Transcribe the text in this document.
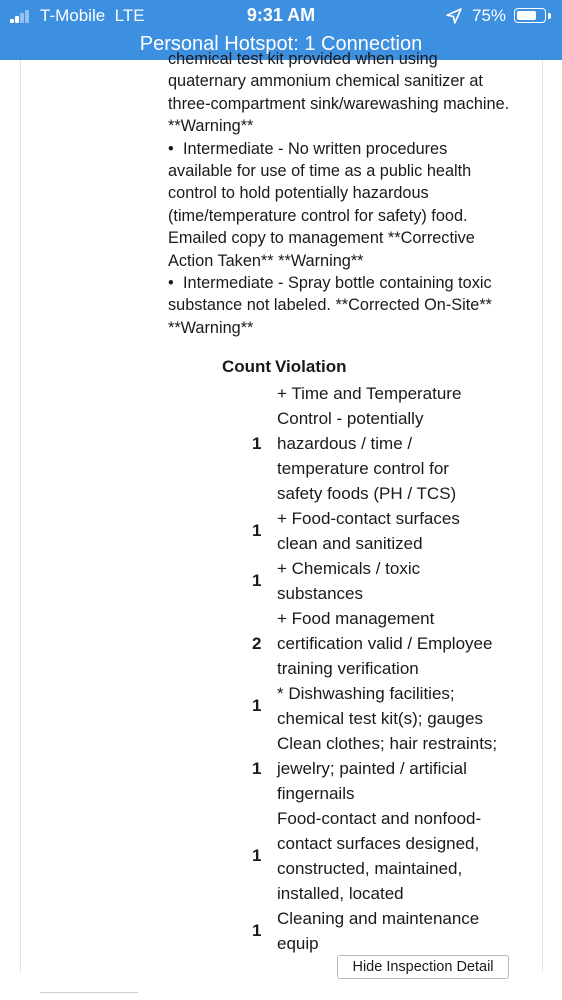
T-Mobile LTE	9:31 AM	75%
Personal Hotspot: 1 Connection

chemical test kit provided when using

quaternary ammonium chemical sanitizer at

three-compartment sink/warewashing machine.

**Warning**

• Intermediate - No written procedures

available for use of time as a public health

control to hold potentially hazardous

(time/temperature control for safety) food.

Emailed copy to management **Corrective

Action Taken** **Warning**

• Intermediate - Spray bottle containing toxic

substance not labeled. **Corrected On-Site**

**Warning**

Count Violation
1
+ Time and Temperature
Control - potentially
hazardous / time /
temperature control for
safety foods (PH / TCS)
1
+ Food-contact surfaces
clean and sanitized
1
+ Chemicals / toxic
substances
2
+ Food management
certification valid / Employee
training verification
1
* Dishwashing facilities;
chemical test kit(s); gauges
1
Clean clothes; hair restraints;
jewelry; painted / artificial
fingernails
1
Food-contact and nonfood-
contact surfaces designed,
constructed, maintained,
installed, located
1
Cleaning and maintenance
equip
Hide Inspection Detail
